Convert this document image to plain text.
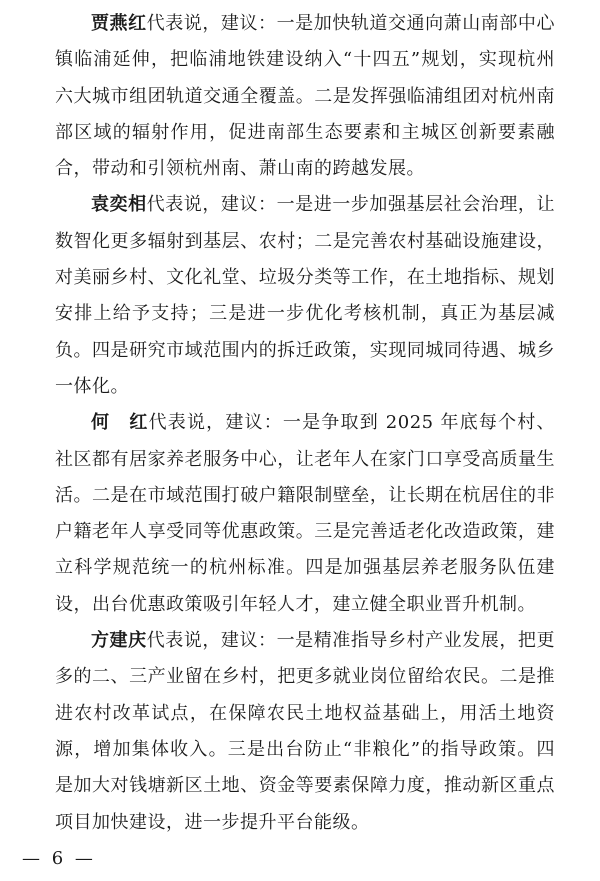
贾燕红代表说，建议：一是加快轨道交通向萧山南部中心镇临浦延伸，把临浦地铁建设纳入“十四五”规划，实现杭州六大城市组团轨道交通全覆盖。二是发挥强临浦组团对杭州南部区域的辐射作用，促进南部生态要素和主城区创新要素融合，带动和引领杭州南、萧山南的跨越发展。

袁奕相代表说，建议：一是进一步加强基层社会治理，让数智化更多辐射到基层、农村；二是完善农村基础设施建设，对美丽乡村、文化礼堂、垃圾分类等工作，在土地指标、规划安排上给予支持；三是进一步优化考核机制，真正为基层减负。四是研究市域范围内的拆迁政策，实现同城同待遇、城乡一体化。

何　红代表说，建议：一是争取到 2025 年底每个村、社区都有居家养老服务中心，让老年人在家门口享受高质量生活。二是在市域范围打破户籍限制壁垒，让长期在杭居住的非户籍老年人享受同等优惠政策。三是完善适老化改造政策，建立科学规范统一的杭州标准。四是加强基层养老服务队伍建设，出台优惠政策吸引年轻人才，建立健全职业晋升机制。

方建庆代表说，建议：一是精准指导乡村产业发展，把更多的二、三产业留在乡村，把更多就业岗位留给农民。二是推进农村改革试点，在保障农民土地权益基础上，用活土地资源，增加集体收入。三是出台防止“非粮化”的指导政策。四是加大对钱塘新区土地、资金等要素保障力度，推动新区重点项目加快建设，进一步提升平台能级。

— 6 —
